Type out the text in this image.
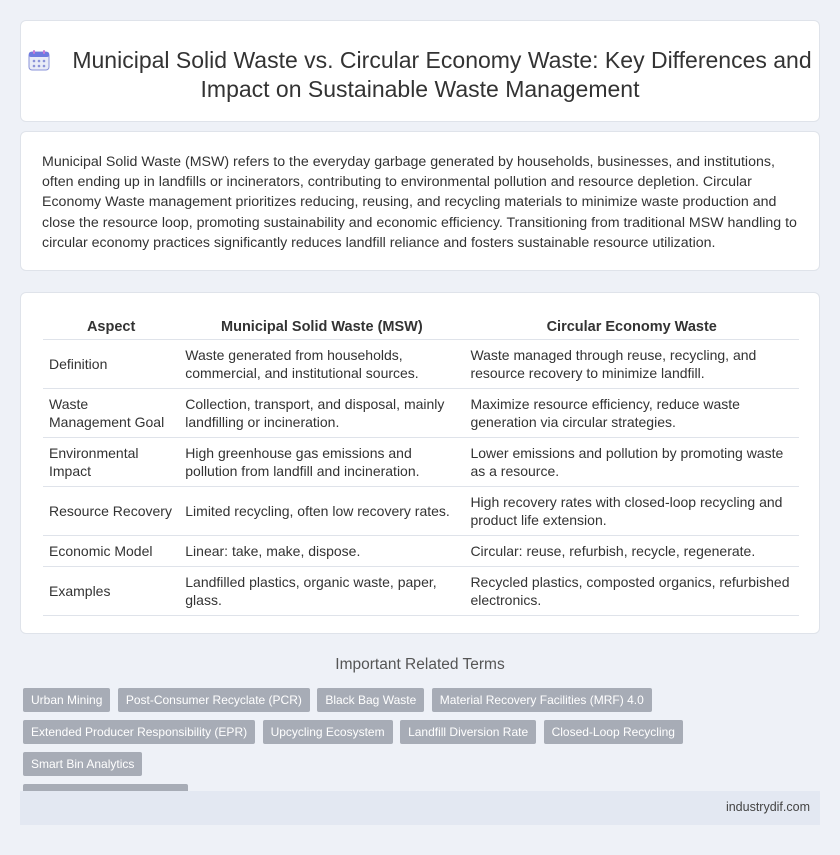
Municipal Solid Waste vs. Circular Economy Waste: Key Differences and Impact on Sustainable Waste Management
Municipal Solid Waste (MSW) refers to the everyday garbage generated by households, businesses, and institutions, often ending up in landfills or incinerators, contributing to environmental pollution and resource depletion. Circular Economy Waste management prioritizes reducing, reusing, and recycling materials to minimize waste production and close the resource loop, promoting sustainability and economic efficiency. Transitioning from traditional MSW handling to circular economy practices significantly reduces landfill reliance and fosters sustainable resource utilization.
Aspect	Municipal Solid Waste (MSW)	Circular Economy Waste
Definition	Waste generated from households, commercial, and institutional sources.	Waste managed through reuse, recycling, and resource recovery to minimize landfill.
Waste Management Goal	Collection, transport, and disposal, mainly landfilling or incineration.	Maximize resource efficiency, reduce waste generation via circular strategies.
Environmental Impact	High greenhouse gas emissions and pollution from landfill and incineration.	Lower emissions and pollution by promoting waste as a resource.
Resource Recovery	Limited recycling, often low recovery rates.	High recovery rates with closed-loop recycling and product life extension.
Economic Model	Linear: take, make, dispose.	Circular: reuse, refurbish, recycle, regenerate.
Examples	Landfilled plastics, organic waste, paper, glass.	Recycled plastics, composted organics, refurbished electronics.
Important Related Terms
Urban Mining Post-Consumer Recyclate (PCR) Black Bag Waste Material Recovery Facilities (MRF) 4.0
Extended Producer Responsibility (EPR) Upcycling Ecosystem Landfill Diversion Rate Closed-Loop Recycling Smart Bin Analytics

industrydif.com
